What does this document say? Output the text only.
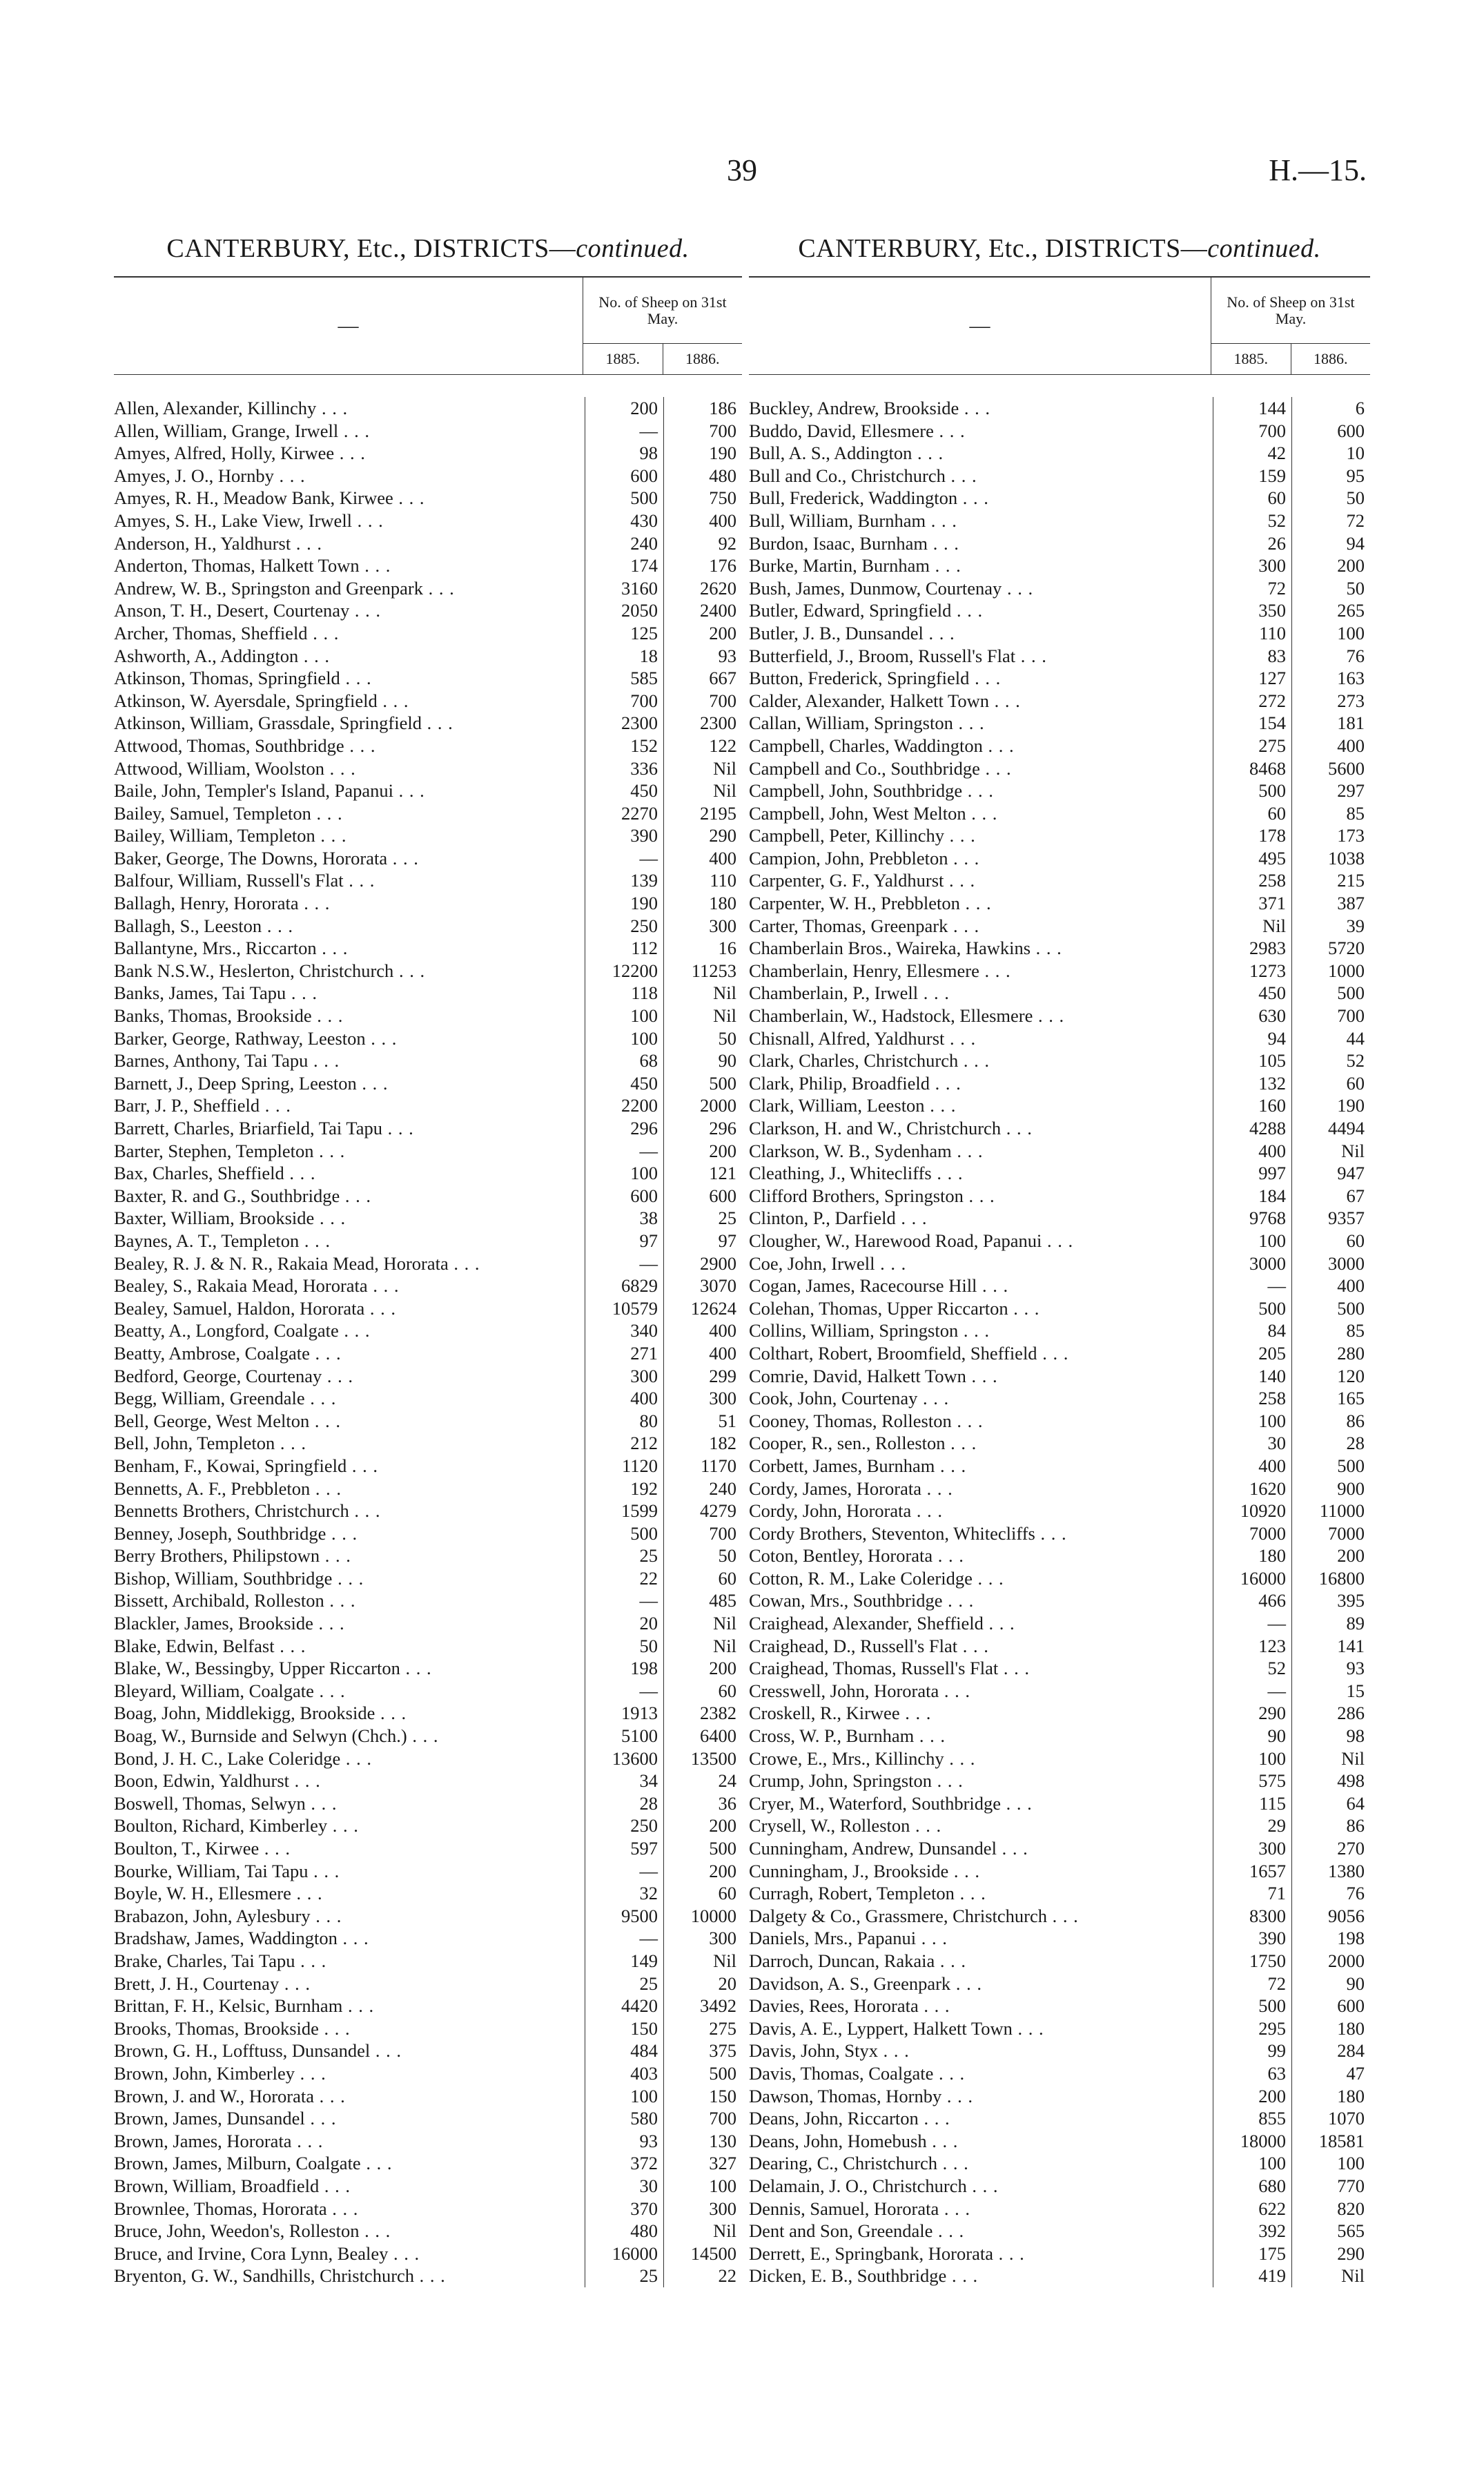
39	H.—15.
CANTERBURY, Etc., DISTRICTS—continued.
—
No. of Sheep on 31st May.
1885.	1886.
Allen, Alexander, Killinchy . . .	200	186
Allen, William, Grange, Irwell . . .	—	700
Amyes, Alfred, Holly, Kirwee . . .	98	190
Amyes, J. O., Hornby . . .	600	480
Amyes, R. H., Meadow Bank, Kirwee . . .	500	750
Amyes, S. H., Lake View, Irwell . . .	430	400
Anderson, H., Yaldhurst . . .	240	92
Anderton, Thomas, Halkett Town . . .	174	176
Andrew, W. B., Springston and Greenpark . . .	3160	2620
Anson, T. H., Desert, Courtenay . . .	2050	2400
Archer, Thomas, Sheffield . . .	125	200
Ashworth, A., Addington . . .	18	93
Atkinson, Thomas, Springfield . . .	585	667
Atkinson, W. Ayersdale, Springfield . . .	700	700
Atkinson, William, Grassdale, Springfield . . .	2300	2300
Attwood, Thomas, Southbridge . . .	152	122
Attwood, William, Woolston . . .	336	Nil
Baile, John, Templer's Island, Papanui . . .	450	Nil
Bailey, Samuel, Templeton . . .	2270	2195
Bailey, William, Templeton . . .	390	290
Baker, George, The Downs, Hororata . . .	—	400
Balfour, William, Russell's Flat . . .	139	110
Ballagh, Henry, Hororata . . .	190	180
Ballagh, S., Leeston . . .	250	300
Ballantyne, Mrs., Riccarton . . .	112	16
Bank N.S.W., Heslerton, Christchurch . . .	12200	11253
Banks, James, Tai Tapu . . .	118	Nil
Banks, Thomas, Brookside . . .	100	Nil
Barker, George, Rathway, Leeston . . .	100	50
Barnes, Anthony, Tai Tapu . . .	68	90
Barnett, J., Deep Spring, Leeston . . .	450	500
Barr, J. P., Sheffield . . .	2200	2000
Barrett, Charles, Briarfield, Tai Tapu . . .	296	296
Barter, Stephen, Templeton . . .	—	200
Bax, Charles, Sheffield . . .	100	121
Baxter, R. and G., Southbridge . . .	600	600
Baxter, William, Brookside . . .	38	25
Baynes, A. T., Templeton . . .	97	97
Bealey, R. J. & N. R., Rakaia Mead, Hororata . . .	—	2900
Bealey, S., Rakaia Mead, Hororata . . .	6829	3070
Bealey, Samuel, Haldon, Hororata . . .	10579	12624
Beatty, A., Longford, Coalgate . . .	340	400
Beatty, Ambrose, Coalgate . . .	271	400
Bedford, George, Courtenay . . .	300	299
Begg, William, Greendale . . .	400	300
Bell, George, West Melton . . .	80	51
Bell, John, Templeton . . .	212	182
Benham, F., Kowai, Springfield . . .	1120	1170
Bennetts, A. F., Prebbleton . . .	192	240
Bennetts Brothers, Christchurch . . .	1599	4279
Benney, Joseph, Southbridge . . .	500	700
Berry Brothers, Philipstown . . .	25	50
Bishop, William, Southbridge . . .	22	60
Bissett, Archibald, Rolleston . . .	—	485
Blackler, James, Brookside . . .	20	Nil
Blake, Edwin, Belfast . . .	50	Nil
Blake, W., Bessingby, Upper Riccarton . . .	198	200
Bleyard, William, Coalgate . . .	—	60
Boag, John, Middlekigg, Brookside . . .	1913	2382
Boag, W., Burnside and Selwyn (Chch.) . . .	5100	6400
Bond, J. H. C., Lake Coleridge . . .	13600	13500
Boon, Edwin, Yaldhurst . . .	34	24
Boswell, Thomas, Selwyn . . .	28	36
Boulton, Richard, Kimberley . . .	250	200
Boulton, T., Kirwee . . .	597	500
Bourke, William, Tai Tapu . . .	—	200
Boyle, W. H., Ellesmere . . .	32	60
Brabazon, John, Aylesbury . . .	9500	10000
Bradshaw, James, Waddington . . .	—	300
Brake, Charles, Tai Tapu . . .	149	Nil
Brett, J. H., Courtenay . . .	25	20
Brittan, F. H., Kelsic, Burnham . . .	4420	3492
Brooks, Thomas, Brookside . . .	150	275
Brown, G. H., Lofftuss, Dunsandel . . .	484	375
Brown, John, Kimberley . . .	403	500
Brown, J. and W., Hororata . . .	100	150
Brown, James, Dunsandel . . .	580	700
Brown, James, Hororata . . .	93	130
Brown, James, Milburn, Coalgate . . .	372	327
Brown, William, Broadfield . . .	30	100
Brownlee, Thomas, Hororata . . .	370	300
Bruce, John, Weedon's, Rolleston . . .	480	Nil
Bruce, and Irvine, Cora Lynn, Bealey . . .	16000	14500
Bryenton, G. W., Sandhills, Christchurch . . .	25	22
CANTERBURY, Etc., DISTRICTS—continued.
—
No. of Sheep on 31st May.
1885.	1886.
Buckley, Andrew, Brookside . . .	144	6
Buddo, David, Ellesmere . . .	700	600
Bull, A. S., Addington . . .	42	10
Bull and Co., Christchurch . . .	159	95
Bull, Frederick, Waddington . . .	60	50
Bull, William, Burnham . . .	52	72
Burdon, Isaac, Burnham . . .	26	94
Burke, Martin, Burnham . . .	300	200
Bush, James, Dunmow, Courtenay . . .	72	50
Butler, Edward, Springfield . . .	350	265
Butler, J. B., Dunsandel . . .	110	100
Butterfield, J., Broom, Russell's Flat . . .	83	76
Button, Frederick, Springfield . . .	127	163
Calder, Alexander, Halkett Town . . .	272	273
Callan, William, Springston . . .	154	181
Campbell, Charles, Waddington . . .	275	400
Campbell and Co., Southbridge . . .	8468	5600
Campbell, John, Southbridge . . .	500	297
Campbell, John, West Melton . . .	60	85
Campbell, Peter, Killinchy . . .	178	173
Campion, John, Prebbleton . . .	495	1038
Carpenter, G. F., Yaldhurst . . .	258	215
Carpenter, W. H., Prebbleton . . .	371	387
Carter, Thomas, Greenpark . . .	Nil	39
Chamberlain Bros., Waireka, Hawkins . . .	2983	5720
Chamberlain, Henry, Ellesmere . . .	1273	1000
Chamberlain, P., Irwell . . .	450	500
Chamberlain, W., Hadstock, Ellesmere . . .	630	700
Chisnall, Alfred, Yaldhurst . . .	94	44
Clark, Charles, Christchurch . . .	105	52
Clark, Philip, Broadfield . . .	132	60
Clark, William, Leeston . . .	160	190
Clarkson, H. and W., Christchurch . . .	4288	4494
Clarkson, W. B., Sydenham . . .	400	Nil
Cleathing, J., Whitecliffs . . .	997	947
Clifford Brothers, Springston . . .	184	67
Clinton, P., Darfield . . .	9768	9357
Clougher, W., Harewood Road, Papanui . . .	100	60
Coe, John, Irwell . . .	3000	3000
Cogan, James, Racecourse Hill . . .	—	400
Colehan, Thomas, Upper Riccarton . . .	500	500
Collins, William, Springston . . .	84	85
Colthart, Robert, Broomfield, Sheffield . . .	205	280
Comrie, David, Halkett Town . . .	140	120
Cook, John, Courtenay . . .	258	165
Cooney, Thomas, Rolleston . . .	100	86
Cooper, R., sen., Rolleston . . .	30	28
Corbett, James, Burnham . . .	400	500
Cordy, James, Hororata . . .	1620	900
Cordy, John, Hororata . . .	10920	11000
Cordy Brothers, Steventon, Whitecliffs . . .	7000	7000
Coton, Bentley, Hororata . . .	180	200
Cotton, R. M., Lake Coleridge . . .	16000	16800
Cowan, Mrs., Southbridge . . .	466	395
Craighead, Alexander, Sheffield . . .	—	89
Craighead, D., Russell's Flat . . .	123	141
Craighead, Thomas, Russell's Flat . . .	52	93
Cresswell, John, Hororata . . .	—	15
Croskell, R., Kirwee . . .	290	286
Cross, W. P., Burnham . . .	90	98
Crowe, E., Mrs., Killinchy . . .	100	Nil
Crump, John, Springston . . .	575	498
Cryer, M., Waterford, Southbridge . . .	115	64
Crysell, W., Rolleston . . .	29	86
Cunningham, Andrew, Dunsandel . . .	300	270
Cunningham, J., Brookside . . .	1657	1380
Curragh, Robert, Templeton . . .	71	76
Dalgety & Co., Grassmere, Christchurch . . .	8300	9056
Daniels, Mrs., Papanui . . .	390	198
Darroch, Duncan, Rakaia . . .	1750	2000
Davidson, A. S., Greenpark . . .	72	90
Davies, Rees, Hororata . . .	500	600
Davis, A. E., Lyppert, Halkett Town . . .	295	180
Davis, John, Styx . . .	99	284
Davis, Thomas, Coalgate . . .	63	47
Dawson, Thomas, Hornby . . .	200	180
Deans, John, Riccarton . . .	855	1070
Deans, John, Homebush . . .	18000	18581
Dearing, C., Christchurch . . .	100	100
Delamain, J. O., Christchurch . . .	680	770
Dennis, Samuel, Hororata . . .	622	820
Dent and Son, Greendale . . .	392	565
Derrett, E., Springbank, Hororata . . .	175	290
Dicken, E. B., Southbridge . . .	419	Nil
